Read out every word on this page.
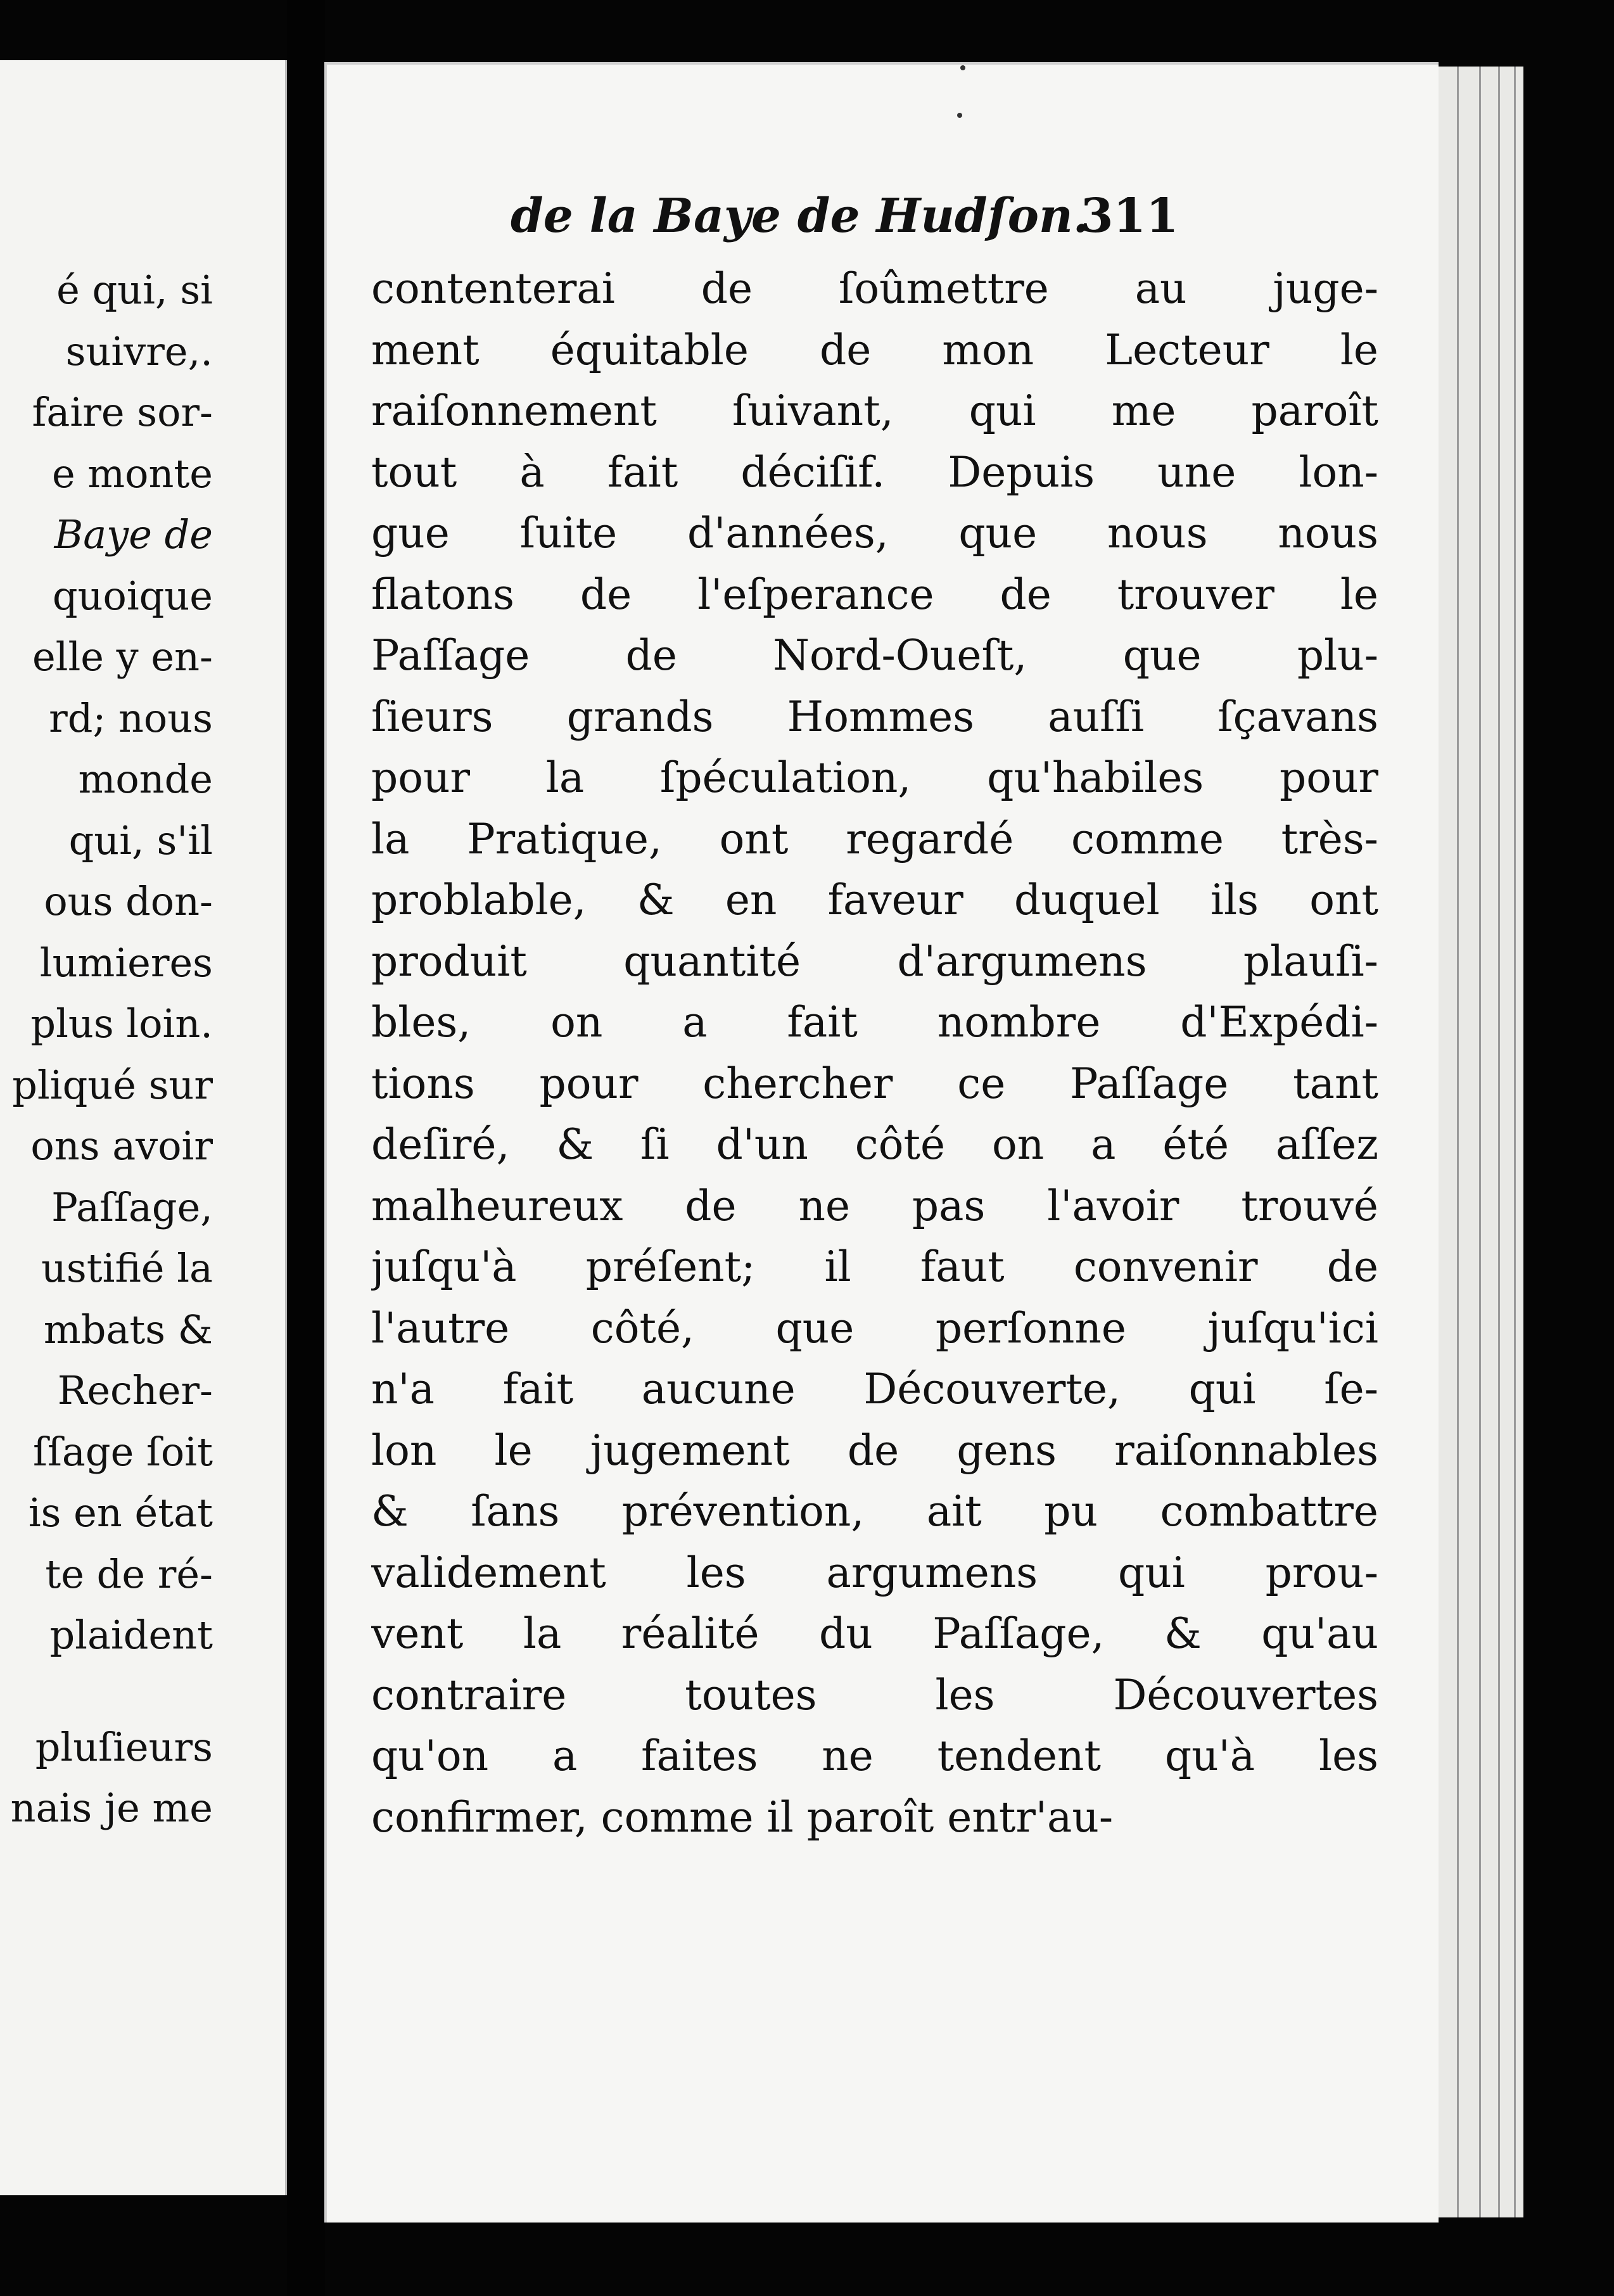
é qui, si
suivre,.
faire sor-
e monte
Baye de
quoique
elle y en-
rd; nous
monde
qui, s'il
ous don-
lumieres
plus loin.
pliqué sur
ons avoir
Paſſage,
ustifié la
mbats &
Recher-
ſſage ſoit
is en état
te de ré-
plaident
pluſieurs
nais je me
de la Baye de Hudſon.
311
contenterai de ſoûmettre au juge-
ment équitable de mon Lecteur le
raiſonnement ſuivant, qui me paroît
tout à fait déciſif. Depuis une lon-
gue ſuite d'années, que nous nous
flatons de l'eſperance de trouver le
Paſſage de Nord-Oueſt, que plu-
ſieurs grands Hommes auſſi ſçavans
pour la ſpéculation, qu'habiles pour
la Pratique, ont regardé comme très-
problable, & en faveur duquel ils ont
produit quantité d'argumens plauſi-
bles, on a fait nombre d'Expédi-
tions pour chercher ce Paſſage tant
deſiré, & ſi d'un côté on a été aſſez
malheureux de ne pas l'avoir trouvé
juſqu'à préſent; il faut convenir de
l'autre côté, que perſonne juſqu'ici
n'a fait aucune Découverte, qui ſe-
lon le jugement de gens raiſonnables
& ſans prévention, ait pu combattre
validement les argumens qui prou-
vent la réalité du Paſſage, & qu'au
contraire toutes les Découvertes
qu'on a faites ne tendent qu'à les
confirmer, comme il paroît entr'au-
